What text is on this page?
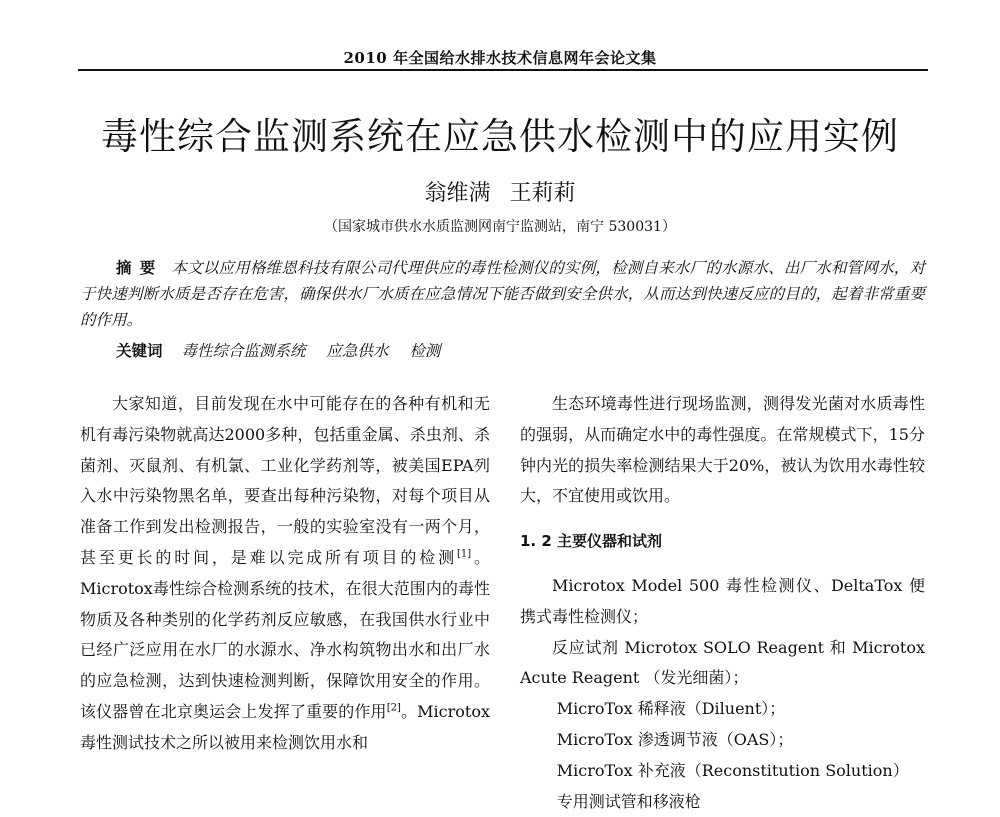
2010 年全国给水排水技术信息网年会论文集
毒性综合监测系统在应急供水检测中的应用实例
翁维满 王莉莉
（国家城市供水水质监测网南宁监测站，南宁 530031）
摘要 本文以应用格维恩科技有限公司代理供应的毒性检测仪的实例，检测自来水厂的水源水、出厂水和管网水，对于快速判断水质是否存在危害，确保供水厂水质在应急情况下能否做到安全供水，从而达到快速反应的目的，起着非常重要的作用。
关键词 毒性综合监测系统 应急供水 检测

大家知道，目前发现在水中可能存在的各种有机和无机有毒污染物就高达2000多种，包括重金属、杀虫剂、杀菌剂、灭鼠剂、有机氯、工业化学药剂等，被美国EPA列入水中污染物黑名单，要查出每种污染物，对每个项目从准备工作到发出检测报告，一般的实验室没有一两个月，甚至更长的时间，是难以完成所有项目的检测[1]。Microtox毒性综合检测系统的技术，在很大范围内的毒性物质及各种类别的化学药剂反应敏感，在我国供水行业中已经广泛应用在水厂的水源水、净水构筑物出水和出厂水的应急检测，达到快速检测判断，保障饮用安全的作用。该仪器曾在北京奥运会上发挥了重要的作用[2]。Microtox毒性测试技术之所以被用来检测饮用水和

生态环境毒性进行现场监测，测得发光菌对水质毒性的强弱，从而确定水中的毒性强度。在常规模式下，15分钟内光的损失率检测结果大于20%，被认为饮用水毒性较大，不宜使用或饮用。

1. 2 主要仪器和试剂

Microtox Model 500 毒性检测仪、DeltaTox 便携式毒性检测仪；

反应试剂 Microtox SOLO Reagent 和 Microtox Acute Reagent （发光细菌）；

MicroTox 稀释液（Diluent）；

MicroTox 渗透调节液（OAS）；

MicroTox 补充液（Reconstitution Solution）

专用测试管和移液枪
